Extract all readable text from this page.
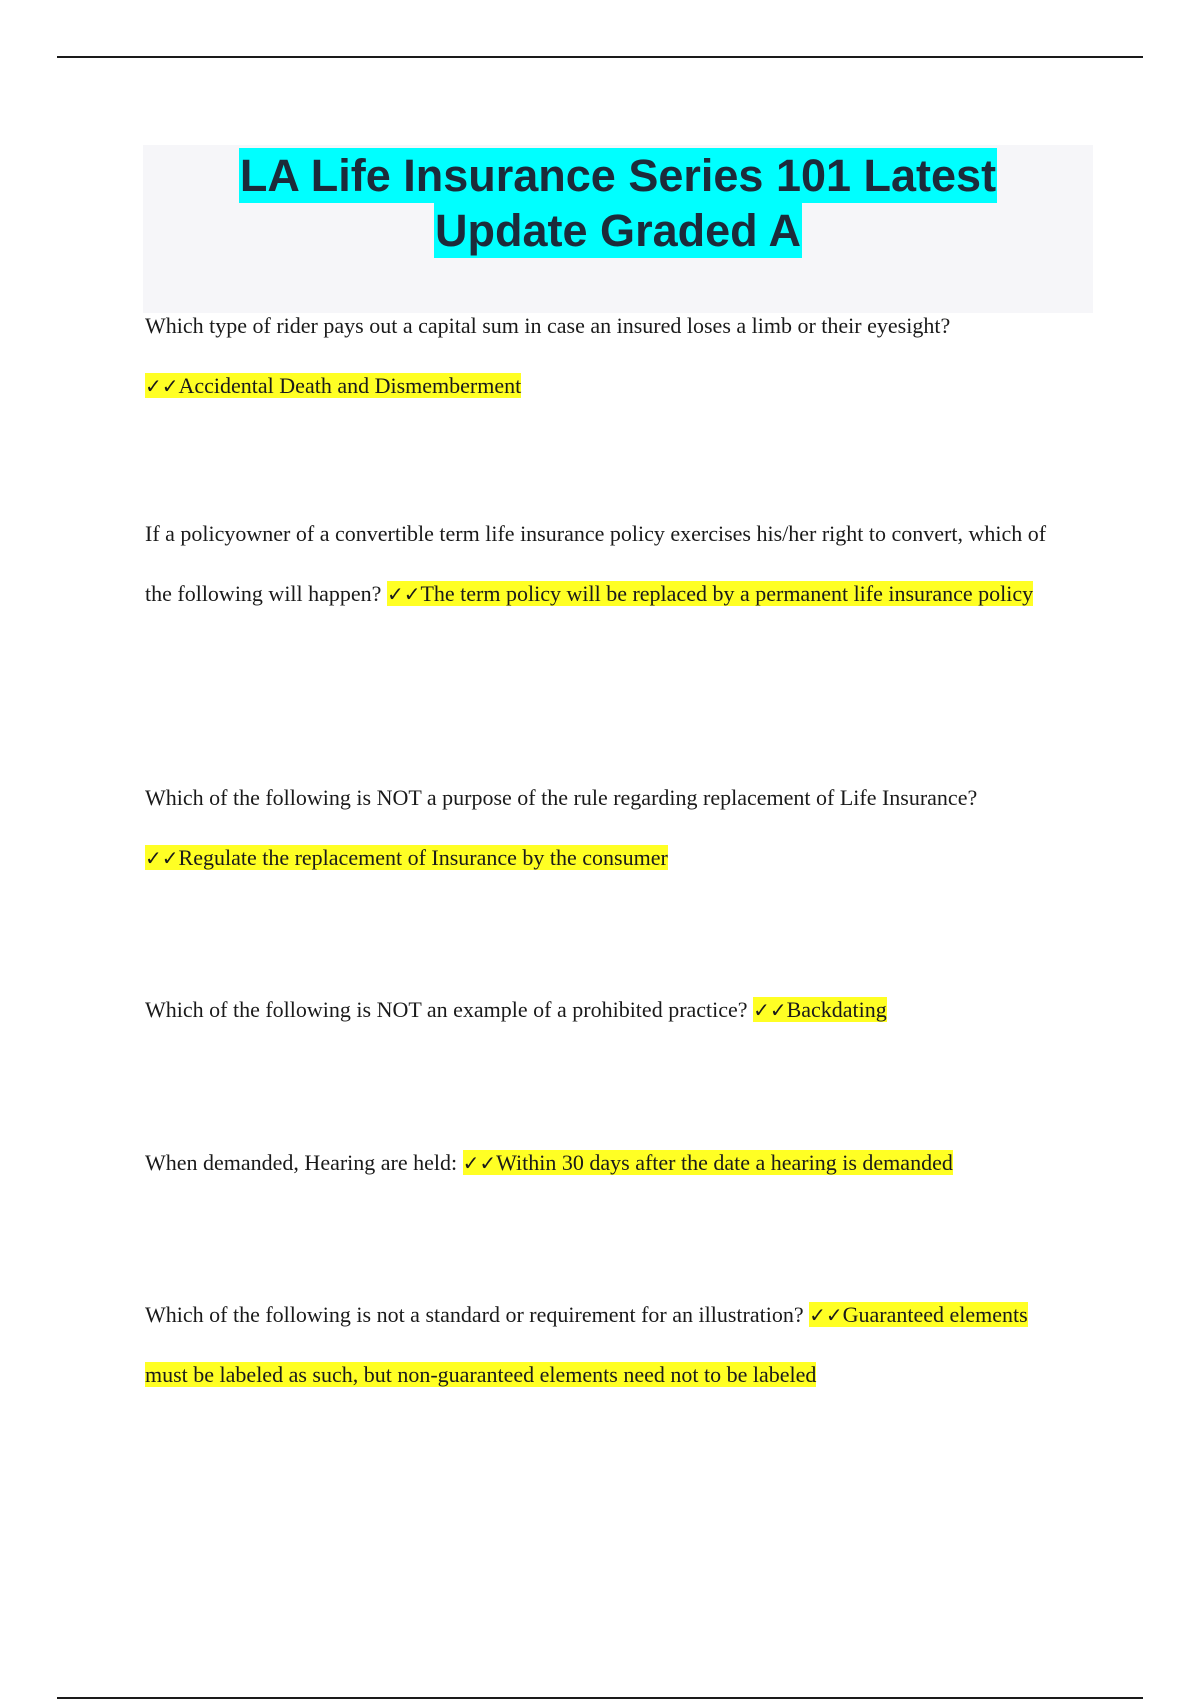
LA Life Insurance Series 101 Latest
Update Graded A
Which type of rider pays out a capital sum in case an insured loses a limb or their eyesight?
✓✓Accidental Death and Dismemberment
If a policyowner of a convertible term life insurance policy exercises his/her right to convert, which of the following will happen? ✓✓The term policy will be replaced by a permanent life insurance policy
Which of the following is NOT a purpose of the rule regarding replacement of Life Insurance?
✓✓Regulate the replacement of Insurance by the consumer
Which of the following is NOT an example of a prohibited practice? ✓✓Backdating
When demanded, Hearing are held: ✓✓Within 30 days after the date a hearing is demanded
Which of the following is not a standard or requirement for an illustration? ✓✓Guaranteed elements must be labeled as such, but non-guaranteed elements need not to be labeled
